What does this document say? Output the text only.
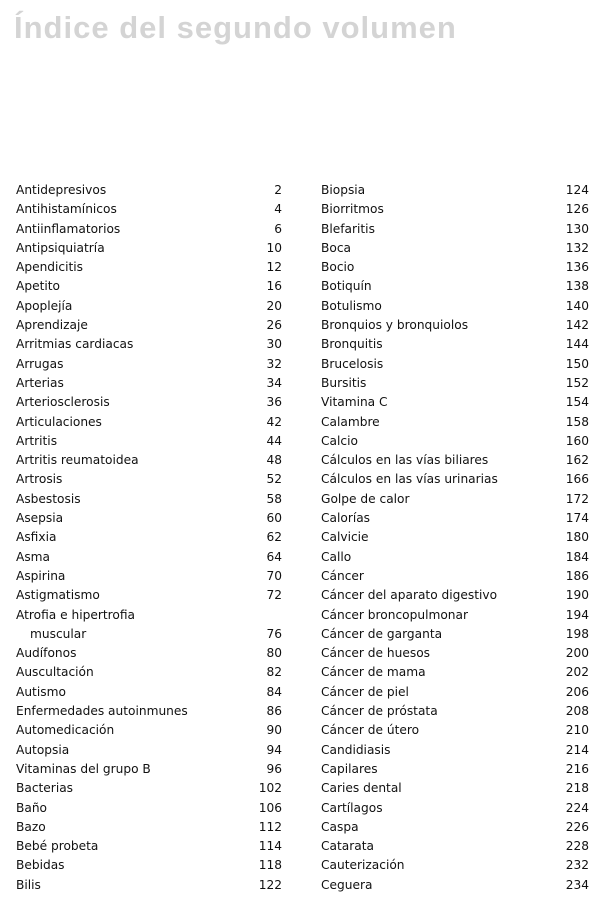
Índice del segundo volumen
Antidepresivos	2
Antihistamínicos	4
Antiinflamatorios	6
Antipsiquiatría	10
Apendicitis	12
Apetito	16
Apoplejía	20
Aprendizaje	26
Arritmias cardiacas	30
Arrugas	32
Arterias	34
Arteriosclerosis	36
Articulaciones	42
Artritis	44
Artritis reumatoidea	48
Artrosis	52
Asbestosis	58
Asepsia	60
Asfixia	62
Asma	64
Aspirina	70
Astigmatismo	72
Atrofia e hipertrofia
muscular	76
Audífonos	80
Auscultación	82
Autismo	84
Enfermedades autoinmunes	86
Automedicación	90
Autopsia	94
Vitaminas del grupo B	96
Bacterias	102
Baño	106
Bazo	112
Bebé probeta	114
Bebidas	118
Bilis	122
Biopsia	124
Biorritmos	126
Blefaritis	130
Boca	132
Bocio	136
Botiquín	138
Botulismo	140
Bronquios y bronquiolos	142
Bronquitis	144
Brucelosis	150
Bursitis	152
Vitamina C	154
Calambre	158
Calcio	160
Cálculos en las vías biliares	162
Cálculos en las vías urinarias	166
Golpe de calor	172
Calorías	174
Calvicie	180
Callo	184
Cáncer	186
Cáncer del aparato digestivo	190
Cáncer broncopulmonar	194
Cáncer de garganta	198
Cáncer de huesos	200
Cáncer de mama	202
Cáncer de piel	206
Cáncer de próstata	208
Cáncer de útero	210
Candidiasis	214
Capilares	216
Caries dental	218
Cartílagos	224
Caspa	226
Catarata	228
Cauterización	232
Ceguera	234
